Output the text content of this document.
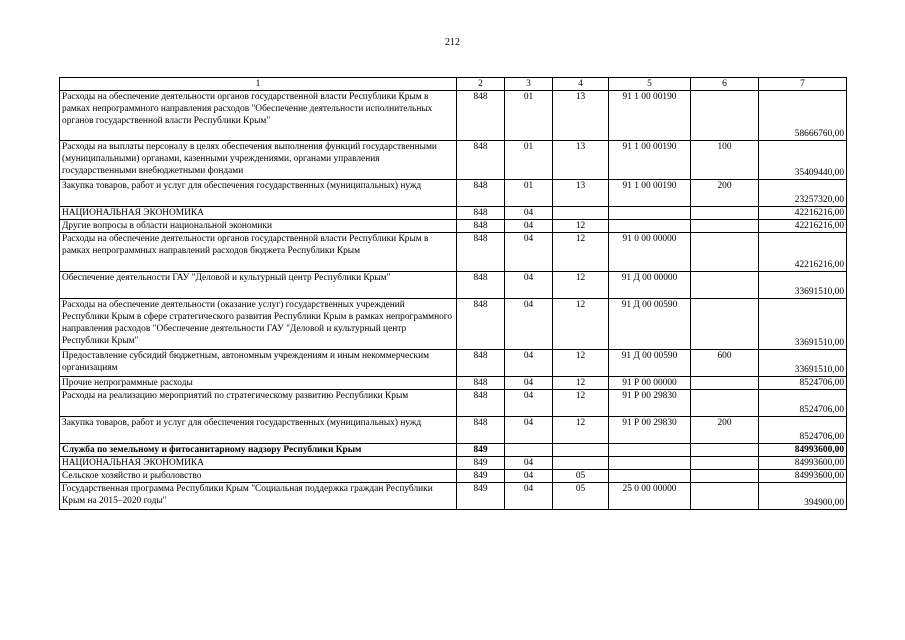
212
1	2	3	4	5	6	7
Расходы на обеспечение деятельности органов государственной власти Республики Крым в рамках непрограммного направления расходов "Обеспечение деятельности исполнительных органов государственной власти Республики Крым"	848	01	13	91 1 00 00190		58666760,00
Расходы на выплаты персоналу в целях обеспечения выполнения функций государственными (муниципальными) органами, казенными учреждениями, органами управления государственными внебюджетными фондами	848	01	13	91 1 00 00190	100	35409440,00
Закупка товаров, работ и услуг для обеспечения государственных (муниципальных) нужд	848	01	13	91 1 00 00190	200	23257320,00
НАЦИОНАЛЬНАЯ ЭКОНОМИКА	848	04				42216216,00
Другие вопросы в области национальной экономики	848	04	12			42216216,00
Расходы на обеспечение деятельности органов государственной власти Республики Крым в рамках непрограммных направлений расходов бюджета Республики Крым	848	04	12	91 0 00 00000		42216216,00
Обеспечение деятельности ГАУ "Деловой и культурный центр Республики Крым"	848	04	12	91 Д 00 00000		33691510,00
Расходы на обеспечение деятельности (оказание услуг) государственных учреждений Республики Крым в сфере стратегического развития Республики Крым в рамках непрограммного направления расходов "Обеспечение деятельности ГАУ "Деловой и культурный центр Республики Крым"	848	04	12	91 Д 00 00590		33691510,00
Предоставление субсидий бюджетным, автономным учреждениям и иным некоммерческим организациям	848	04	12	91 Д 00 00590	600	33691510,00
Прочие непрограммные расходы	848	04	12	91 Р 00 00000		8524706,00
Расходы на реализацию мероприятий по стратегическому развитию Республики Крым	848	04	12	91 Р 00 29830		8524706,00
Закупка товаров, работ и услуг для обеспечения государственных (муниципальных) нужд	848	04	12	91 Р 00 29830	200	8524706,00
Служба по земельному и фитосанитарному надзору Республики Крым	849					84993600,00
НАЦИОНАЛЬНАЯ ЭКОНОМИКА	849	04				84993600,00
Сельское хозяйство и рыболовство	849	04	05			84993600,00
Государственная программа Республики Крым "Социальная поддержка граждан Республики Крым на 2015–2020 годы"	849	04	05	25 0 00 00000		394900,00
